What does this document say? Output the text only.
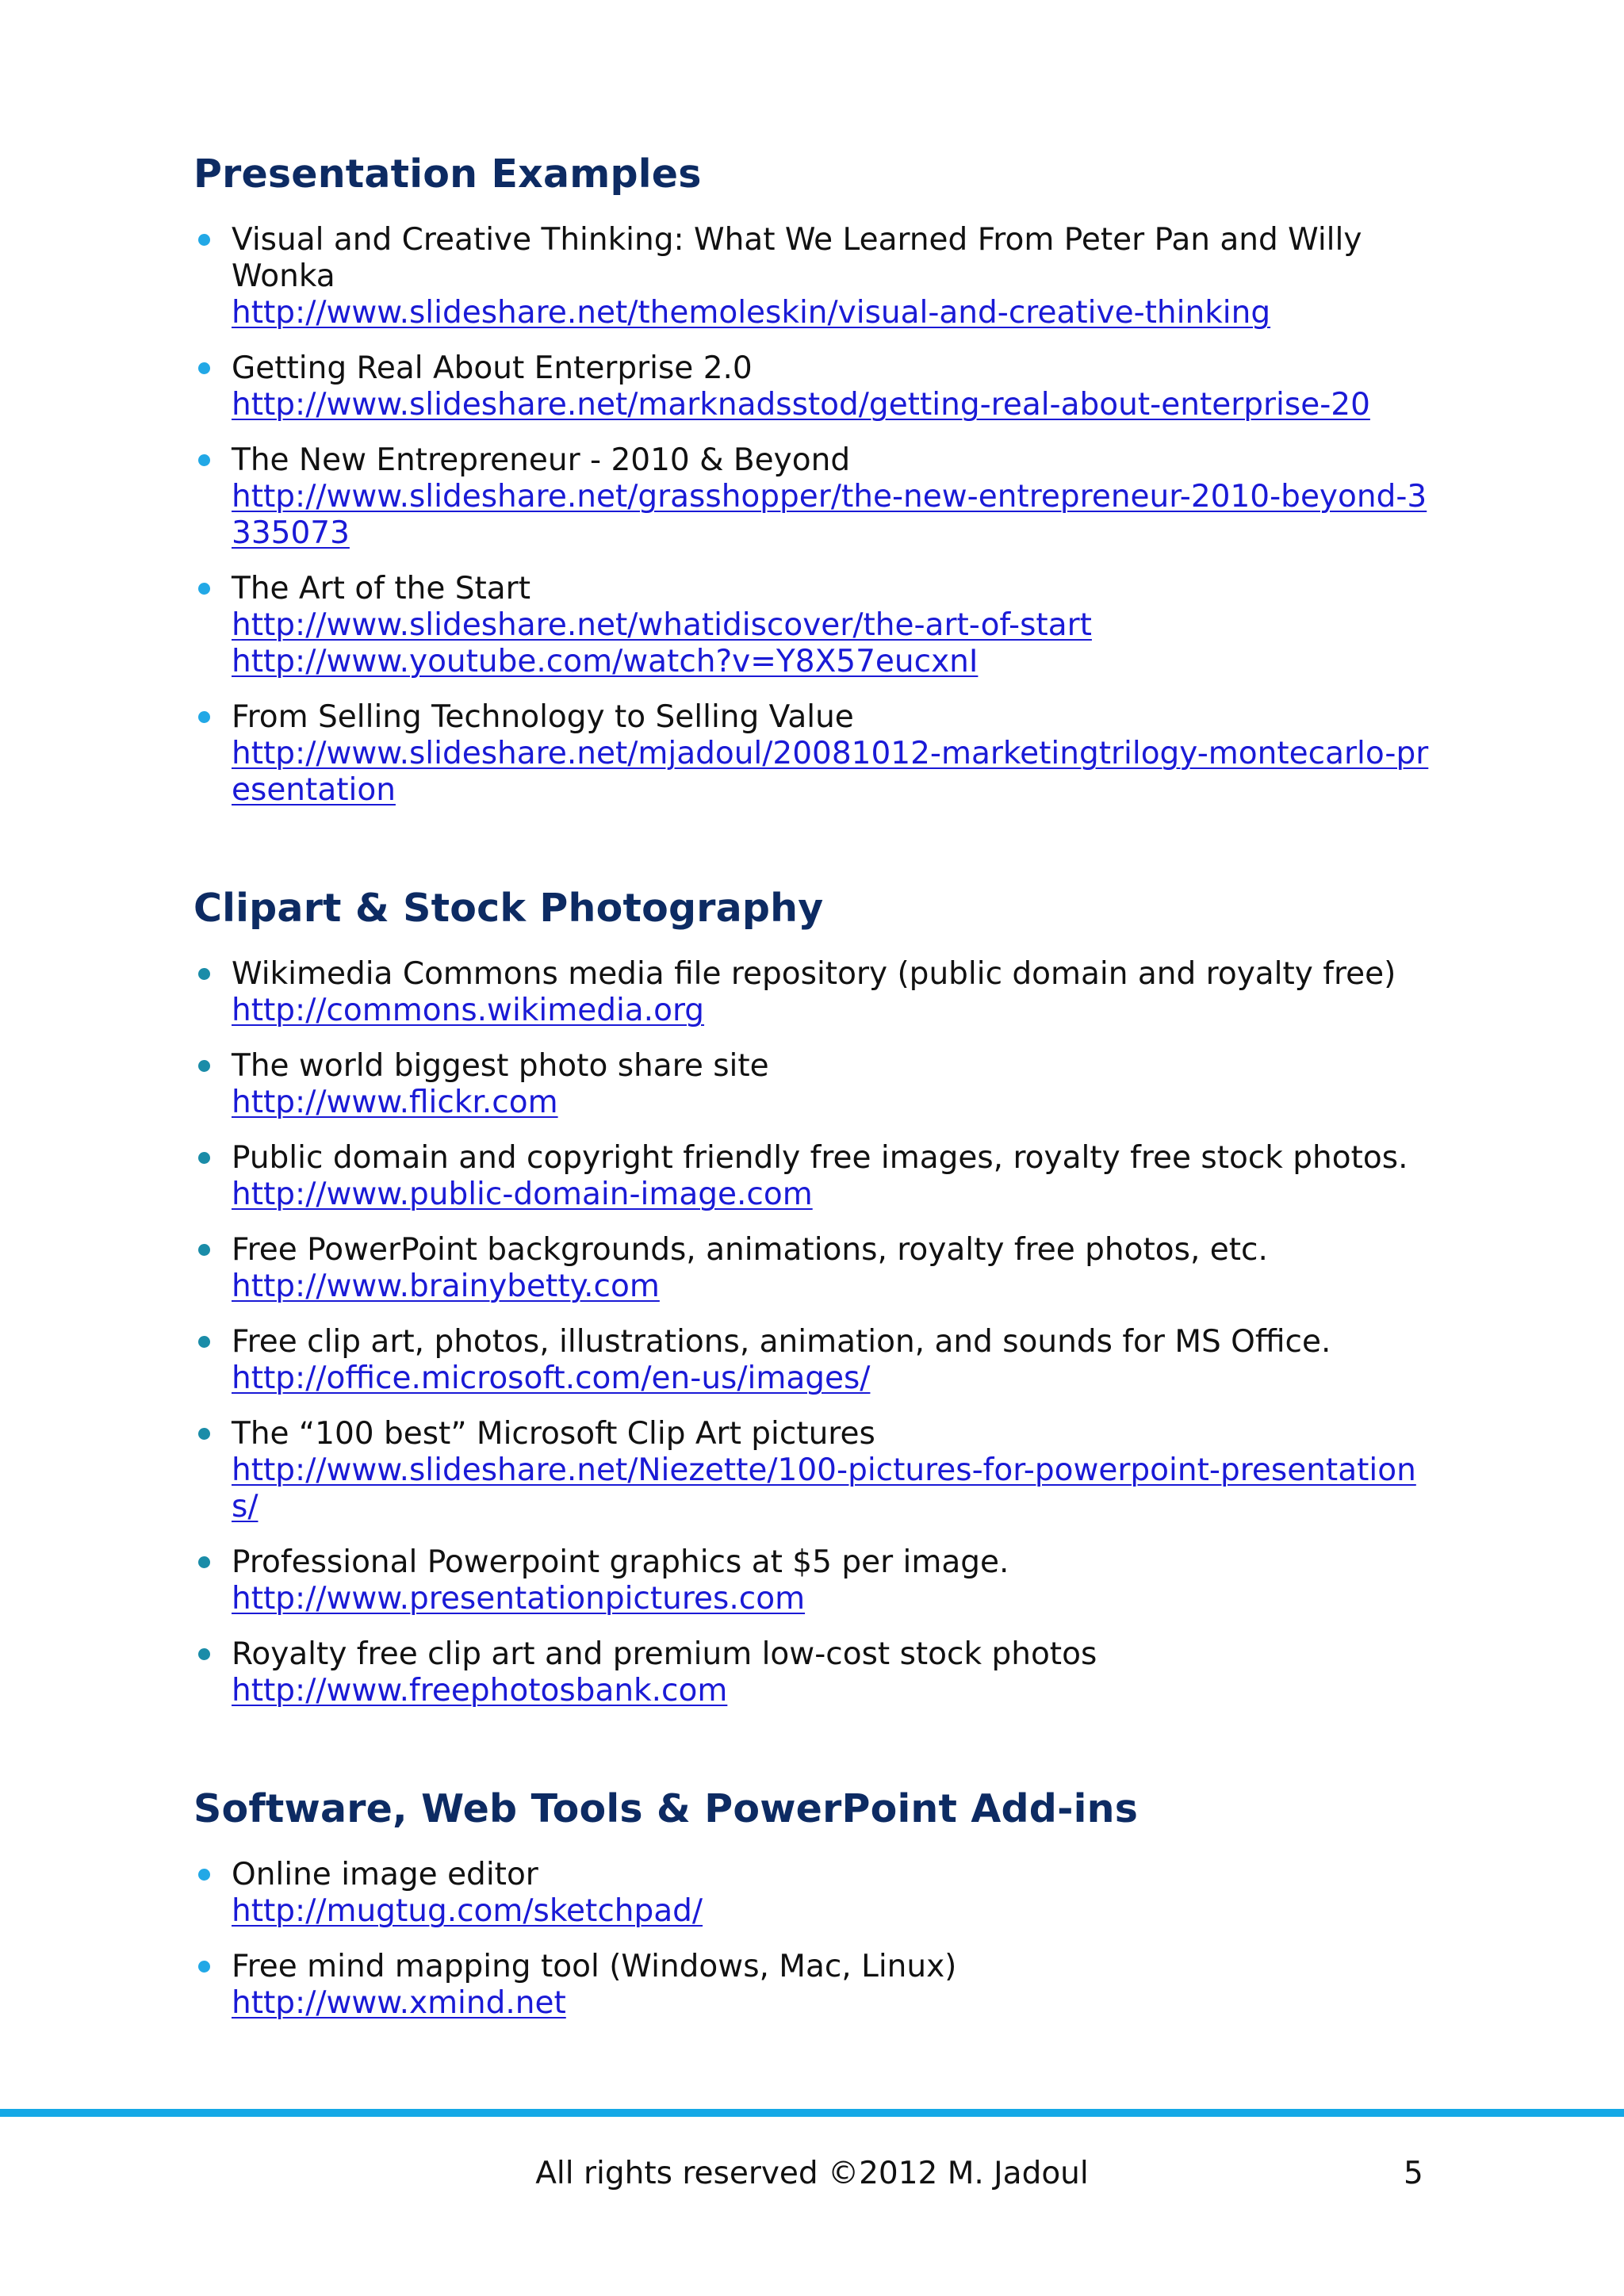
Presentation Examples
Visual and Creative Thinking: What We Learned From Peter Pan and Willy Wonka
http://www.slideshare.net/themoleskin/visual-and-creative-thinking
Getting Real About Enterprise 2.0
http://www.slideshare.net/marknadsstod/getting-real-about-enterprise-20
The New Entrepreneur - 2010 & Beyond
http://www.slideshare.net/grasshopper/the-new-entrepreneur-2010-beyond-3335073
The Art of the Start
http://www.slideshare.net/whatidiscover/the-art-of-start
http://www.youtube.com/watch?v=Y8X57eucxnI
From Selling Technology to Selling Value
http://www.slideshare.net/mjadoul/20081012-marketingtrilogy-montecarlo-presentation
Clipart & Stock Photography
Wikimedia Commons media file repository (public domain and royalty free)
http://commons.wikimedia.org
The world biggest photo share site
http://www.flickr.com
Public domain and copyright friendly free images, royalty free stock photos.
http://www.public-domain-image.com
Free PowerPoint backgrounds, animations, royalty free photos, etc.
http://www.brainybetty.com
Free clip art, photos, illustrations, animation, and sounds for MS Office.
http://office.microsoft.com/en-us/images/
The “100 best” Microsoft Clip Art pictures
http://www.slideshare.net/Niezette/100-pictures-for-powerpoint-presentations/
Professional Powerpoint graphics at $5 per image.
http://www.presentationpictures.com
Royalty free clip art and premium low-cost stock photos
http://www.freephotosbank.com
Software, Web Tools & PowerPoint Add-ins
Online image editor
http://mugtug.com/sketchpad/
Free mind mapping tool (Windows, Mac, Linux)
http://www.xmind.net
All rights reserved ©2012 M. Jadoul	5
